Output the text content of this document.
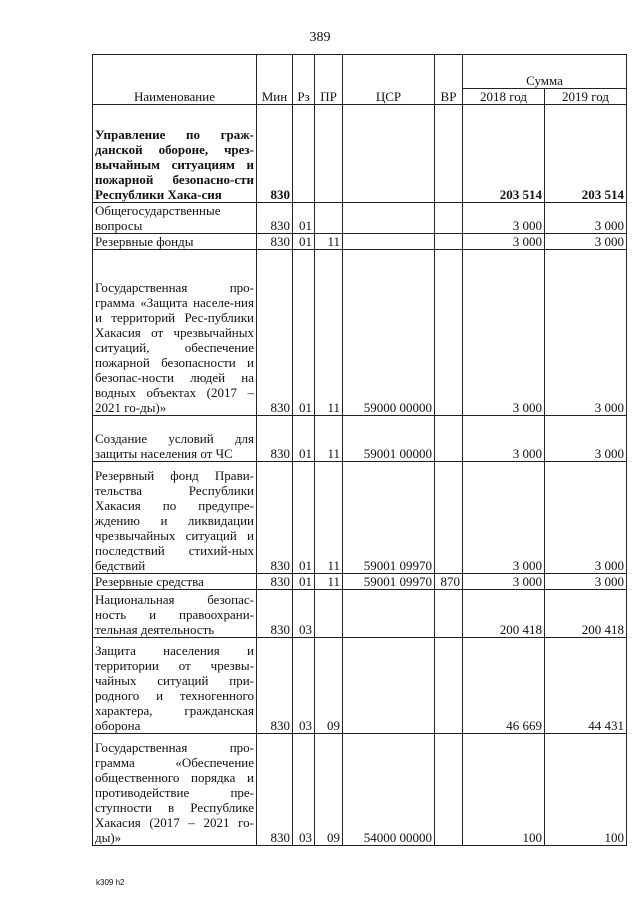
389
Наименование	Мин	Рз	ПР	ЦСР	ВР	Сумма	
						2018 год	2019 год
Управление по граж-данской обороне, чрез-вычайным ситуациям и пожарной безопасно-сти Республики Хака-сия	830					203 514	203 514
Общегосударственные вопросы	830	01				3 000	3 000
Резервные фонды	830	01	11			3 000	3 000
Государственная про-грамма «Защита населе-ния и территорий Рес-публики Хакасия от чрезвычайных ситуаций, обеспечение пожарной безопасности и безопас-ности людей на водных объектах (2017 – 2021 го-ды)»	830	01	11	59000 00000		3 000	3 000
Создание условий для защиты населения от ЧС	830	01	11	59001 00000		3 000	3 000
Резервный фонд Прави-тельства Республики Хакасия по предупре-ждению и ликвидации чрезвычайных ситуаций и последствий стихий-ных бедствий	830	01	11	59001 09970		3 000	3 000
Резервные средства	830	01	11	59001 09970	870	3 000	3 000
Национальная безопас-ность и правоохрани-тельная деятельность	830	03				200 418	200 418
Защита населения и территории от чрезвы-чайных ситуаций при-родного и техногенного характера, гражданская оборона	830	03	09			46 669	44 431
Государственная про-грамма «Обеспечение общественного порядка и противодействие пре-ступности в Республике Хакасия (2017 – 2021 го-ды)»	830	03	09	54000 00000		100	100
k309 h2
